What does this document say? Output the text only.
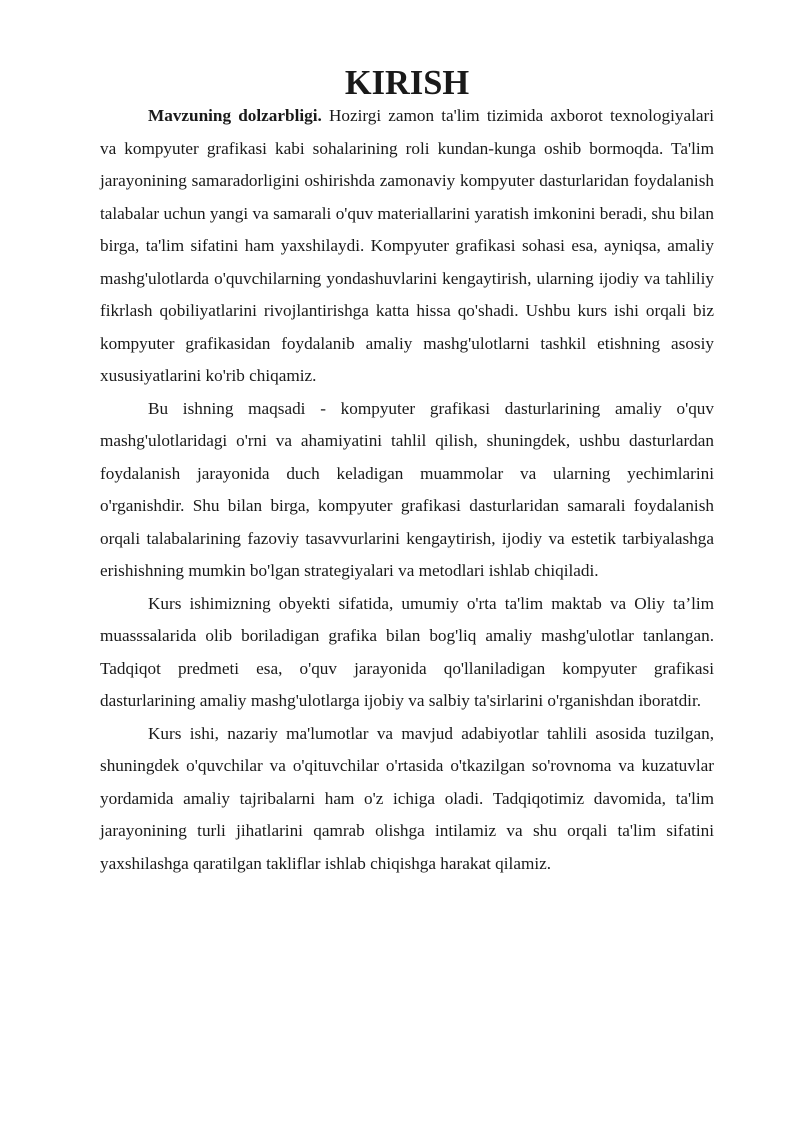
KIRISH

Mavzuning dolzarbligi. Hozirgi zamon ta'lim tizimida axborot texnologiyalari va kompyuter grafikasi kabi sohalarining roli kundan-kunga oshib bormoqda. Ta'lim jarayonining samaradorligini oshirishda zamonaviy kompyuter dasturlaridan foydalanish talabalar uchun yangi va samarali o'quv materiallarini yaratish imkonini beradi, shu bilan birga, ta'lim sifatini ham yaxshilaydi. Kompyuter grafikasi sohasi esa, ayniqsa, amaliy mashg'ulotlarda o'quvchilarning yondashuvlarini kengaytirish, ularning ijodiy va tahliliy fikrlash qobiliyatlarini rivojlantirishga katta hissa qo'shadi. Ushbu kurs ishi orqali biz kompyuter grafikasidan foydalanib amaliy mashg'ulotlarni tashkil etishning asosiy xususiyatlarini ko'rib chiqamiz.

Bu ishning maqsadi - kompyuter grafikasi dasturlarining amaliy o'quv mashg'ulotlaridagi o'rni va ahamiyatini tahlil qilish, shuningdek, ushbu dasturlardan foydalanish jarayonida duch keladigan muammolar va ularning yechimlarini o'rganishdir. Shu bilan birga, kompyuter grafikasi dasturlaridan samarali foydalanish orqali talabalarining fazoviy tasavvurlarini kengaytirish, ijodiy va estetik tarbiyalashga erishishning mumkin bo'lgan strategiyalari va metodlari ishlab chiqiladi.

Kurs ishimizning obyekti sifatida, umumiy o'rta ta'lim maktab va Oliy ta’lim muasssalarida olib boriladigan grafika bilan bog'liq amaliy mashg'ulotlar tanlangan. Tadqiqot predmeti esa, o'quv jarayonida qo'llaniladigan kompyuter grafikasi dasturlarining amaliy mashg'ulotlarga ijobiy va salbiy ta'sirlarini o'rganishdan iboratdir.

Kurs ishi, nazariy ma'lumotlar va mavjud adabiyotlar tahlili asosida tuzilgan, shuningdek o'quvchilar va o'qituvchilar o'rtasida o'tkazilgan so'rovnoma va kuzatuvlar yordamida amaliy tajribalarni ham o'z ichiga oladi. Tadqiqotimiz davomida, ta'lim jarayonining turli jihatlarini qamrab olishga intilamiz va shu orqali ta'lim sifatini yaxshilashga qaratilgan takliflar ishlab chiqishga harakat qilamiz.
